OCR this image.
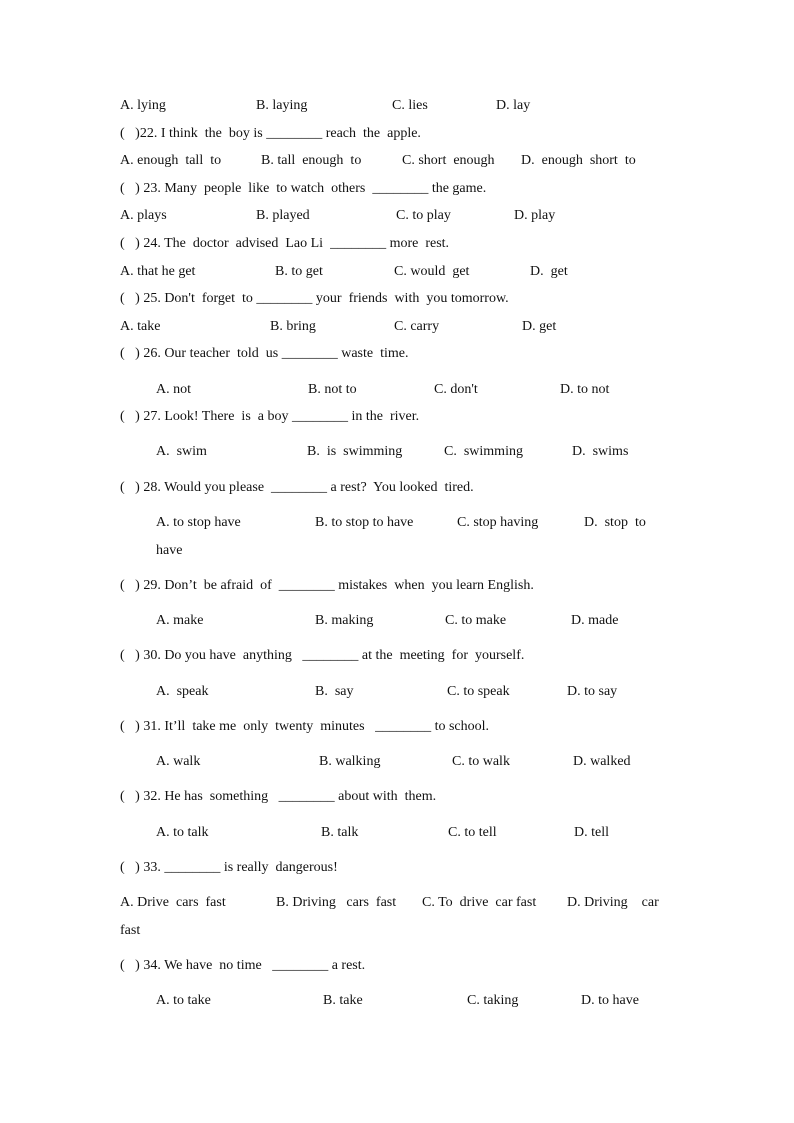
A. lying	B. laying	C. lies	D. lay
(   )22. I think  the  boy is ________ reach  the  apple.
A. enough  tall  to	B. tall  enough  to	C. short  enough D.  enough  short  to
(   ) 23. Many  people  like  to watch  others  ________ the game.
A. plays	B. played	C. to play	D. play
(   ) 24. The  doctor  advised  Lao Li  ________ more  rest.
A. that he get	B. to get	C. would  get	D.  get
(   ) 25. Don't  forget  to ________ your  friends  with  you tomorrow.
A. take	B. bring	C. carry	D. get
(   ) 26. Our teacher  told  us ________ waste  time.
A. not	B. not to	C. don't	D. to not
(   ) 27. Look! There  is  a boy ________ in the  river.
A.  swim	B.  is  swimming	C.  swimming	D.  swims
(   ) 28. Would you please  ________ a rest?  You looked  tired.
A. to stop have	B. to stop to have	C. stop having	D.  stop  to
have
(   ) 29. Don’t  be afraid  of  ________ mistakes  when  you learn English.
A. make	B. making	C. to make	D. made
(   ) 30. Do you have  anything   ________ at the  meeting  for  yourself.
A.  speak	B.  say	C. to speak	D. to say
(   ) 31. It’ll  take me  only  twenty  minutes   ________ to school.
A. walk	B. walking	C. to walk	D. walked
(   ) 32. He has  something   ________ about with  them.
A. to talk	B. talk	C. to tell	D. tell
(   ) 33. ________ is really  dangerous!
A. Drive  cars  fast	B. Driving   cars  fast C. To  drive  car fast D. Driving    car
fast
(   ) 34. We have  no time   ________ a rest.
A. to take	B. take	C. taking	D. to have
